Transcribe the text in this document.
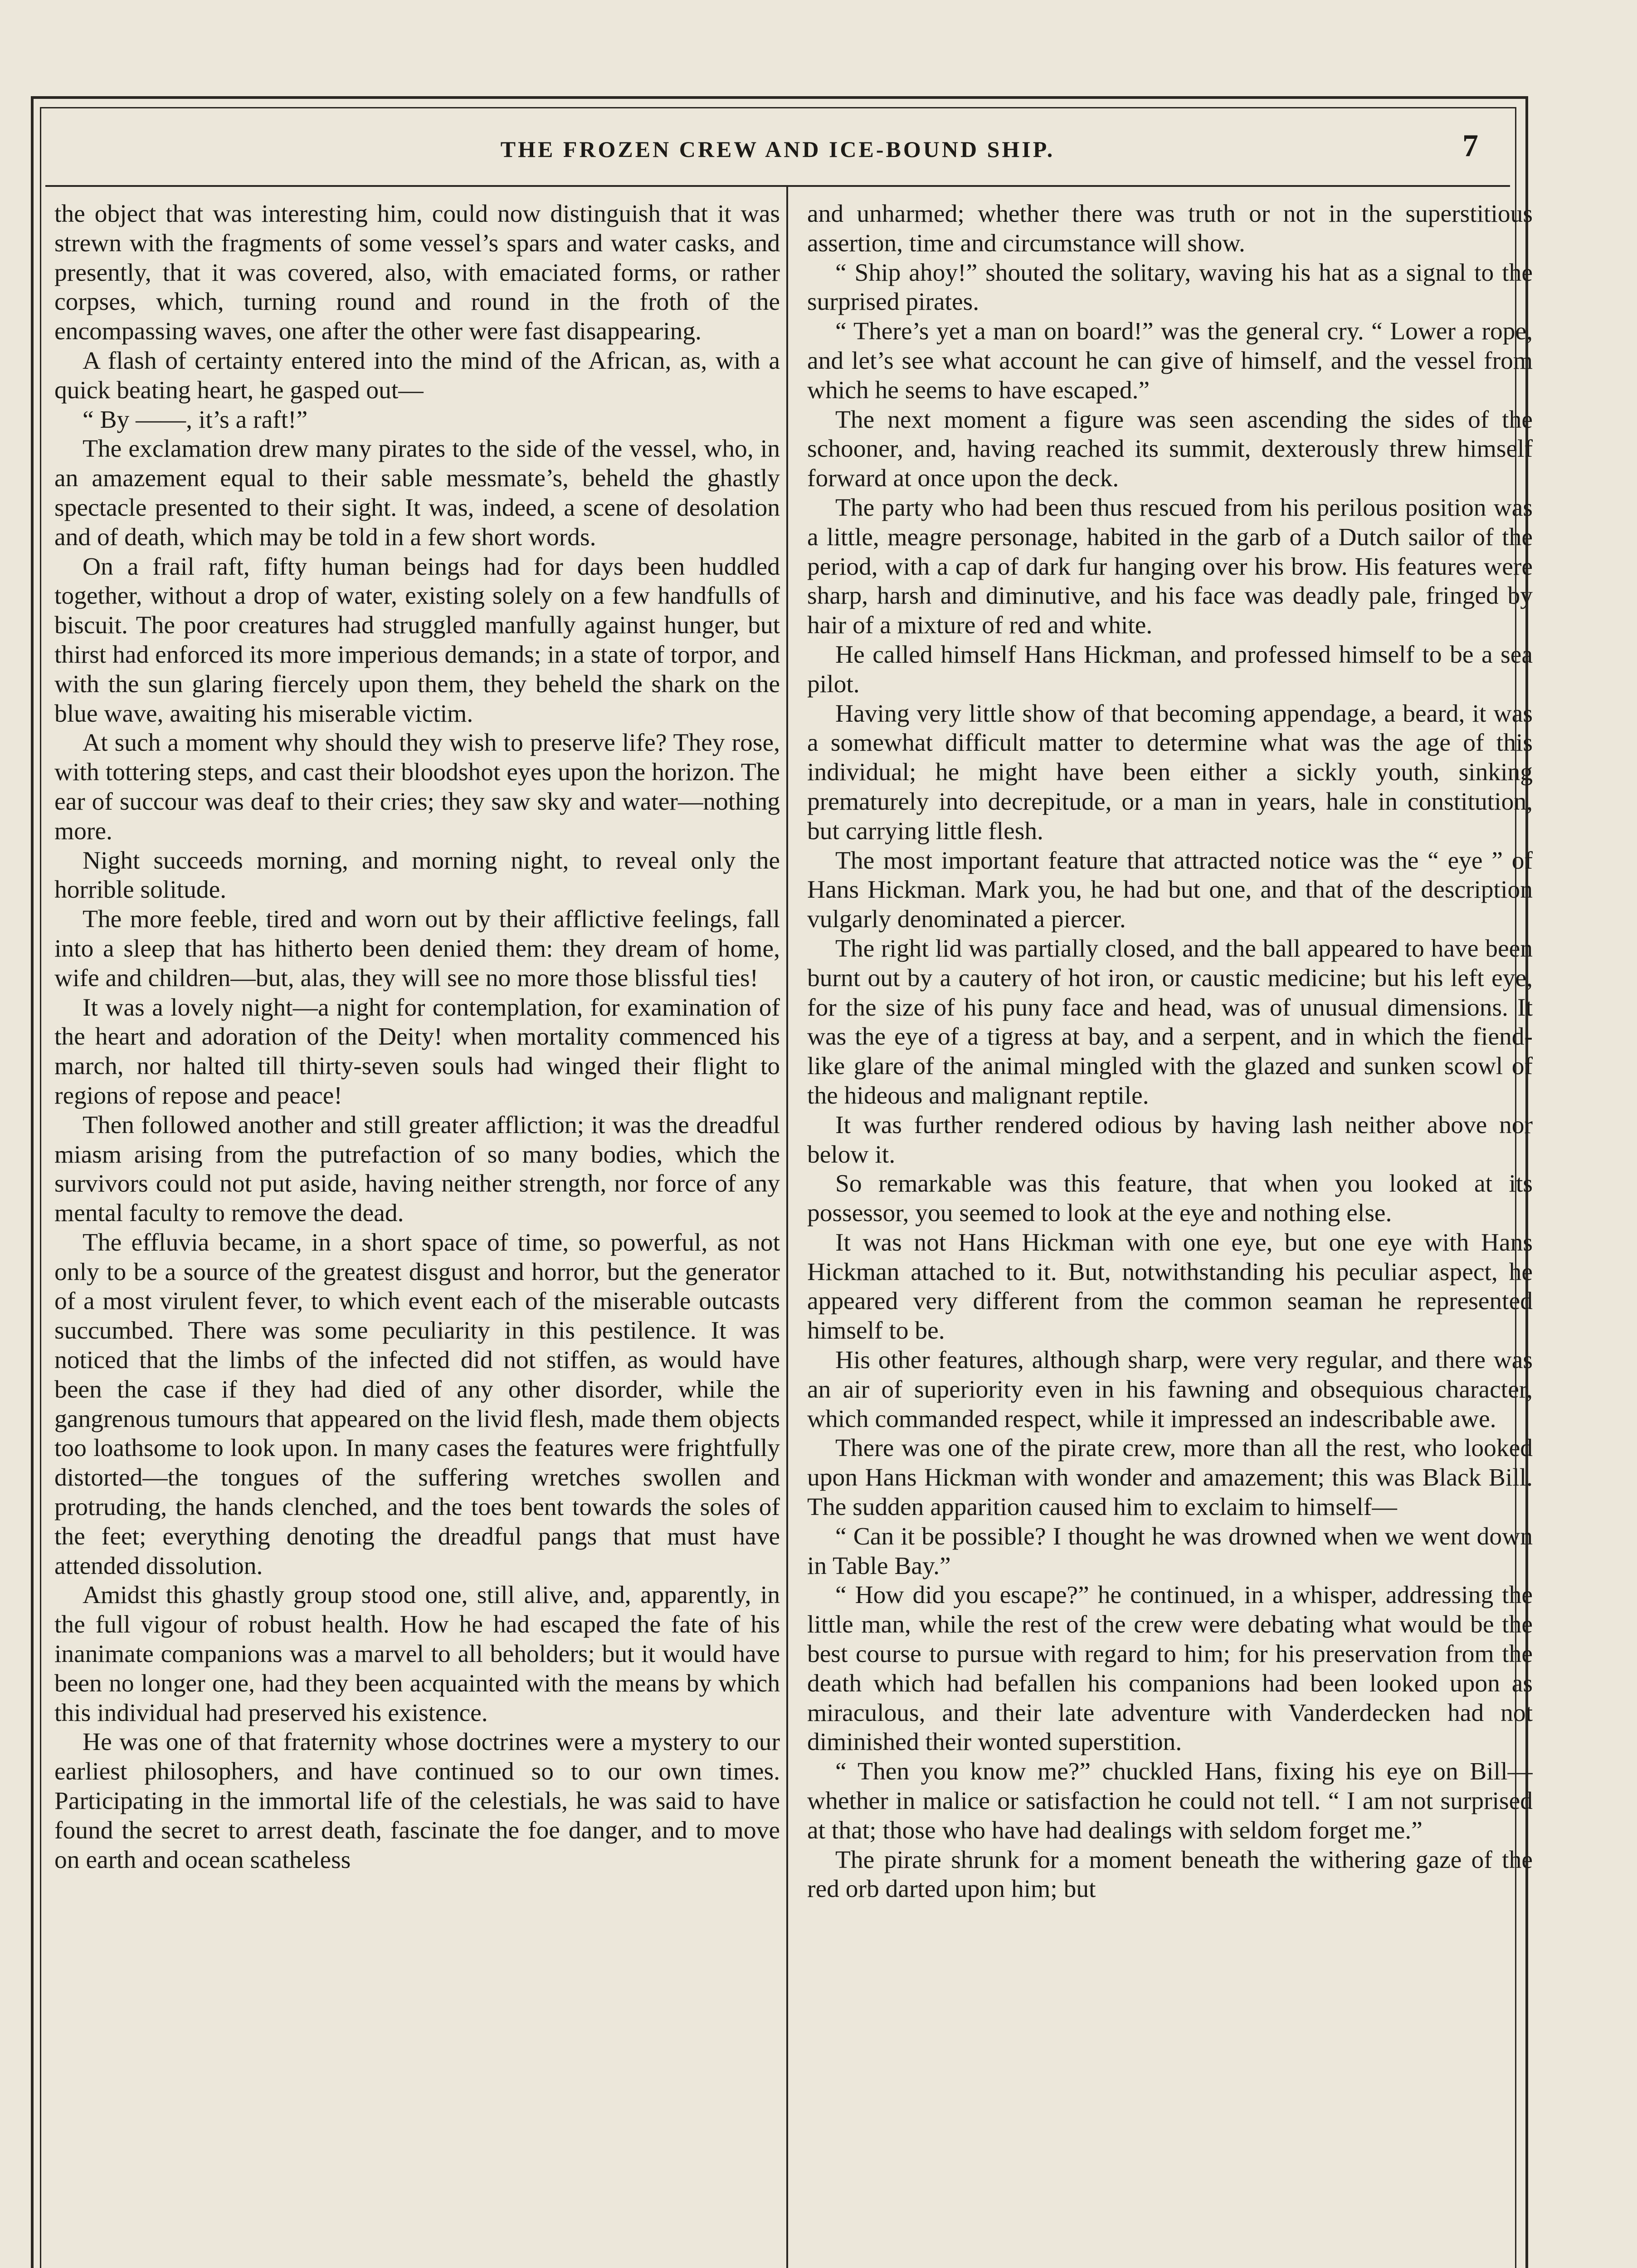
THE FROZEN CREW AND ICE-BOUND SHIP.	7

the object that was interesting him, could now distinguish that it was strewn with the fragments of some vessel’s spars and water casks, and presently, that it was covered, also, with emaciated forms, or rather corpses, which, turning round and round in the froth of the encompassing waves, one after the other were fast disappearing.

A flash of certainty entered into the mind of the African, as, with a quick beating heart, he gasped out—

“ By ——, it’s a raft!”

The exclamation drew many pirates to the side of the vessel, who, in an amazement equal to their sable messmate’s, beheld the ghastly spectacle presented to their sight. It was, indeed, a scene of desolation and of death, which may be told in a few short words.

On a frail raft, fifty human beings had for days been huddled together, without a drop of water, existing solely on a few handfulls of biscuit. The poor creatures had struggled manfully against hunger, but thirst had enforced its more imperious demands; in a state of torpor, and with the sun glaring fiercely upon them, they beheld the shark on the blue wave, awaiting his miserable victim.

At such a moment why should they wish to preserve life? They rose, with tottering steps, and cast their bloodshot eyes upon the horizon. The ear of succour was deaf to their cries; they saw sky and water—nothing more.

Night succeeds morning, and morning night, to reveal only the horrible solitude.

The more feeble, tired and worn out by their afflictive feelings, fall into a sleep that has hitherto been denied them: they dream of home, wife and children—but, alas, they will see no more those blissful ties!

It was a lovely night—a night for contemplation, for examination of the heart and adoration of the Deity! when mortality commenced his march, nor halted till thirty-seven souls had winged their flight to regions of repose and peace!

Then followed another and still greater affliction; it was the dreadful miasm arising from the putrefaction of so many bodies, which the survivors could not put aside, having neither strength, nor force of any mental faculty to remove the dead.

The effluvia became, in a short space of time, so powerful, as not only to be a source of the greatest disgust and horror, but the generator of a most virulent fever, to which event each of the miserable outcasts succumbed. There was some peculiarity in this pestilence. It was noticed that the limbs of the infected did not stiffen, as would have been the case if they had died of any other disorder, while the gangrenous tumours that appeared on the livid flesh, made them objects too loathsome to look upon. In many cases the features were frightfully distorted—the tongues of the suffering wretches swollen and protruding, the hands clenched, and the toes bent towards the soles of the feet; everything denoting the dreadful pangs that must have attended dissolution.

Amidst this ghastly group stood one, still alive, and, apparently, in the full vigour of robust health. How he had escaped the fate of his inanimate companions was a marvel to all beholders; but it would have been no longer one, had they been acquainted with the means by which this individual had preserved his existence.

He was one of that fraternity whose doctrines were a mystery to our earliest philosophers, and have continued so to our own times. Participating in the immortal life of the celestials, he was said to have found the secret to arrest death, fascinate the foe danger, and to move on earth and ocean scatheless

and unharmed; whether there was truth or not in the superstitious assertion, time and circumstance will show.

“ Ship ahoy!” shouted the solitary, waving his hat as a signal to the surprised pirates.

“ There’s yet a man on board!” was the general cry. “ Lower a rope, and let’s see what account he can give of himself, and the vessel from which he seems to have escaped.”

The next moment a figure was seen ascending the sides of the schooner, and, having reached its summit, dexterously threw himself forward at once upon the deck.

The party who had been thus rescued from his perilous position was a little, meagre personage, habited in the garb of a Dutch sailor of the period, with a cap of dark fur hanging over his brow. His features were sharp, harsh and diminutive, and his face was deadly pale, fringed by hair of a mixture of red and white.

He called himself Hans Hickman, and professed himself to be a sea pilot.

Having very little show of that becoming appendage, a beard, it was a somewhat difficult matter to determine what was the age of this individual; he might have been either a sickly youth, sinking prematurely into decrepitude, or a man in years, hale in constitution, but carrying little flesh.

The most important feature that attracted notice was the “ eye ” of Hans Hickman. Mark you, he had but one, and that of the description vulgarly denominated a piercer.

The right lid was partially closed, and the ball appeared to have been burnt out by a cautery of hot iron, or caustic medicine; but his left eye, for the size of his puny face and head, was of unusual dimensions. It was the eye of a tigress at bay, and a serpent, and in which the fiend-like glare of the animal mingled with the glazed and sunken scowl of the hideous and malignant reptile.

It was further rendered odious by having lash neither above nor below it.

So remarkable was this feature, that when you looked at its possessor, you seemed to look at the eye and nothing else.

It was not Hans Hickman with one eye, but one eye with Hans Hickman attached to it. But, notwithstanding his peculiar aspect, he appeared very different from the common seaman he represented himself to be.

His other features, although sharp, were very regular, and there was an air of superiority even in his fawning and obsequious character, which commanded respect, while it impressed an indescribable awe.

There was one of the pirate crew, more than all the rest, who looked upon Hans Hickman with wonder and amazement; this was Black Bill. The sudden apparition caused him to exclaim to himself—

“ Can it be possible? I thought he was drowned when we went down in Table Bay.”

“ How did you escape?” he continued, in a whisper, addressing the little man, while the rest of the crew were debating what would be the best course to pursue with regard to him; for his preservation from the death which had befallen his companions had been looked upon as miraculous, and their late adventure with Vanderdecken had not diminished their wonted superstition.

“ Then you know me?” chuckled Hans, fixing his eye on Bill—whether in malice or satisfaction he could not tell. “ I am not surprised at that; those who have had dealings with seldom forget me.”

The pirate shrunk for a moment beneath the withering gaze of the red orb darted upon him; but
